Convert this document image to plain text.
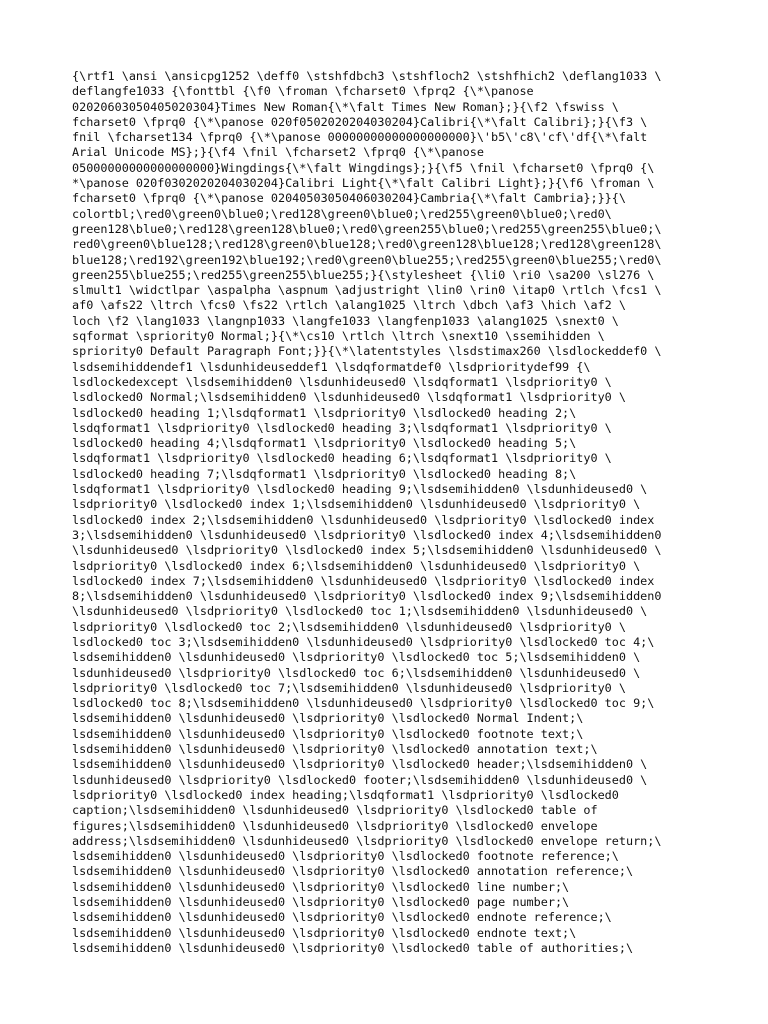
{\rtf1 \ansi \ansicpg1252 \deff0 \stshfdbch3 \stshfloch2 \stshfhich2 \deflang1033 \
deflangfe1033 {\fonttbl {\f0 \froman \fcharset0 \fprq2 {\*\panose
02020603050405020304}Times New Roman{\*\falt Times New Roman};}{\f2 \fswiss \
fcharset0 \fprq0 {\*\panose 020f0502020204030204}Calibri{\*\falt Calibri};}{\f3 \
fnil \fcharset134 \fprq0 {\*\panose 00000000000000000000}\'b5\'c8\'cf\'df{\*\falt
Arial Unicode MS};}{\f4 \fnil \fcharset2 \fprq0 {\*\panose
05000000000000000000}Wingdings{\*\falt Wingdings};}{\f5 \fnil \fcharset0 \fprq0 {\
*\panose 020f0302020204030204}Calibri Light{\*\falt Calibri Light};}{\f6 \froman \
fcharset0 \fprq0 {\*\panose 02040503050406030204}Cambria{\*\falt Cambria};}}{\
colortbl;\red0\green0\blue0;\red128\green0\blue0;\red255\green0\blue0;\red0\
green128\blue0;\red128\green128\blue0;\red0\green255\blue0;\red255\green255\blue0;\
red0\green0\blue128;\red128\green0\blue128;\red0\green128\blue128;\red128\green128\
blue128;\red192\green192\blue192;\red0\green0\blue255;\red255\green0\blue255;\red0\
green255\blue255;\red255\green255\blue255;}{\stylesheet {\li0 \ri0 \sa200 \sl276 \
slmult1 \widctlpar \aspalpha \aspnum \adjustright \lin0 \rin0 \itap0 \rtlch \fcs1 \
af0 \afs22 \ltrch \fcs0 \fs22 \rtlch \alang1025 \ltrch \dbch \af3 \hich \af2 \
loch \f2 \lang1033 \langnp1033 \langfe1033 \langfenp1033 \alang1025 \snext0 \
sqformat \spriority0 Normal;}{\*\cs10 \rtlch \ltrch \snext10 \ssemihidden \
spriority0 Default Paragraph Font;}}{\*\latentstyles \lsdstimax260 \lsdlockeddef0 \
lsdsemihiddendef1 \lsdunhideuseddef1 \lsdqformatdef0 \lsdprioritydef99 {\
lsdlockedexcept \lsdsemihidden0 \lsdunhideused0 \lsdqformat1 \lsdpriority0 \
lsdlocked0 Normal;\lsdsemihidden0 \lsdunhideused0 \lsdqformat1 \lsdpriority0 \
lsdlocked0 heading 1;\lsdqformat1 \lsdpriority0 \lsdlocked0 heading 2;\
lsdqformat1 \lsdpriority0 \lsdlocked0 heading 3;\lsdqformat1 \lsdpriority0 \
lsdlocked0 heading 4;\lsdqformat1 \lsdpriority0 \lsdlocked0 heading 5;\
lsdqformat1 \lsdpriority0 \lsdlocked0 heading 6;\lsdqformat1 \lsdpriority0 \
lsdlocked0 heading 7;\lsdqformat1 \lsdpriority0 \lsdlocked0 heading 8;\
lsdqformat1 \lsdpriority0 \lsdlocked0 heading 9;\lsdsemihidden0 \lsdunhideused0 \
lsdpriority0 \lsdlocked0 index 1;\lsdsemihidden0 \lsdunhideused0 \lsdpriority0 \
lsdlocked0 index 2;\lsdsemihidden0 \lsdunhideused0 \lsdpriority0 \lsdlocked0 index
3;\lsdsemihidden0 \lsdunhideused0 \lsdpriority0 \lsdlocked0 index 4;\lsdsemihidden0
\lsdunhideused0 \lsdpriority0 \lsdlocked0 index 5;\lsdsemihidden0 \lsdunhideused0 \
lsdpriority0 \lsdlocked0 index 6;\lsdsemihidden0 \lsdunhideused0 \lsdpriority0 \
lsdlocked0 index 7;\lsdsemihidden0 \lsdunhideused0 \lsdpriority0 \lsdlocked0 index
8;\lsdsemihidden0 \lsdunhideused0 \lsdpriority0 \lsdlocked0 index 9;\lsdsemihidden0
\lsdunhideused0 \lsdpriority0 \lsdlocked0 toc 1;\lsdsemihidden0 \lsdunhideused0 \
lsdpriority0 \lsdlocked0 toc 2;\lsdsemihidden0 \lsdunhideused0 \lsdpriority0 \
lsdlocked0 toc 3;\lsdsemihidden0 \lsdunhideused0 \lsdpriority0 \lsdlocked0 toc 4;\
lsdsemihidden0 \lsdunhideused0 \lsdpriority0 \lsdlocked0 toc 5;\lsdsemihidden0 \
lsdunhideused0 \lsdpriority0 \lsdlocked0 toc 6;\lsdsemihidden0 \lsdunhideused0 \
lsdpriority0 \lsdlocked0 toc 7;\lsdsemihidden0 \lsdunhideused0 \lsdpriority0 \
lsdlocked0 toc 8;\lsdsemihidden0 \lsdunhideused0 \lsdpriority0 \lsdlocked0 toc 9;\
lsdsemihidden0 \lsdunhideused0 \lsdpriority0 \lsdlocked0 Normal Indent;\
lsdsemihidden0 \lsdunhideused0 \lsdpriority0 \lsdlocked0 footnote text;\
lsdsemihidden0 \lsdunhideused0 \lsdpriority0 \lsdlocked0 annotation text;\
lsdsemihidden0 \lsdunhideused0 \lsdpriority0 \lsdlocked0 header;\lsdsemihidden0 \
lsdunhideused0 \lsdpriority0 \lsdlocked0 footer;\lsdsemihidden0 \lsdunhideused0 \
lsdpriority0 \lsdlocked0 index heading;\lsdqformat1 \lsdpriority0 \lsdlocked0
caption;\lsdsemihidden0 \lsdunhideused0 \lsdpriority0 \lsdlocked0 table of
figures;\lsdsemihidden0 \lsdunhideused0 \lsdpriority0 \lsdlocked0 envelope
address;\lsdsemihidden0 \lsdunhideused0 \lsdpriority0 \lsdlocked0 envelope return;\
lsdsemihidden0 \lsdunhideused0 \lsdpriority0 \lsdlocked0 footnote reference;\
lsdsemihidden0 \lsdunhideused0 \lsdpriority0 \lsdlocked0 annotation reference;\
lsdsemihidden0 \lsdunhideused0 \lsdpriority0 \lsdlocked0 line number;\
lsdsemihidden0 \lsdunhideused0 \lsdpriority0 \lsdlocked0 page number;\
lsdsemihidden0 \lsdunhideused0 \lsdpriority0 \lsdlocked0 endnote reference;\
lsdsemihidden0 \lsdunhideused0 \lsdpriority0 \lsdlocked0 endnote text;\
lsdsemihidden0 \lsdunhideused0 \lsdpriority0 \lsdlocked0 table of authorities;\
